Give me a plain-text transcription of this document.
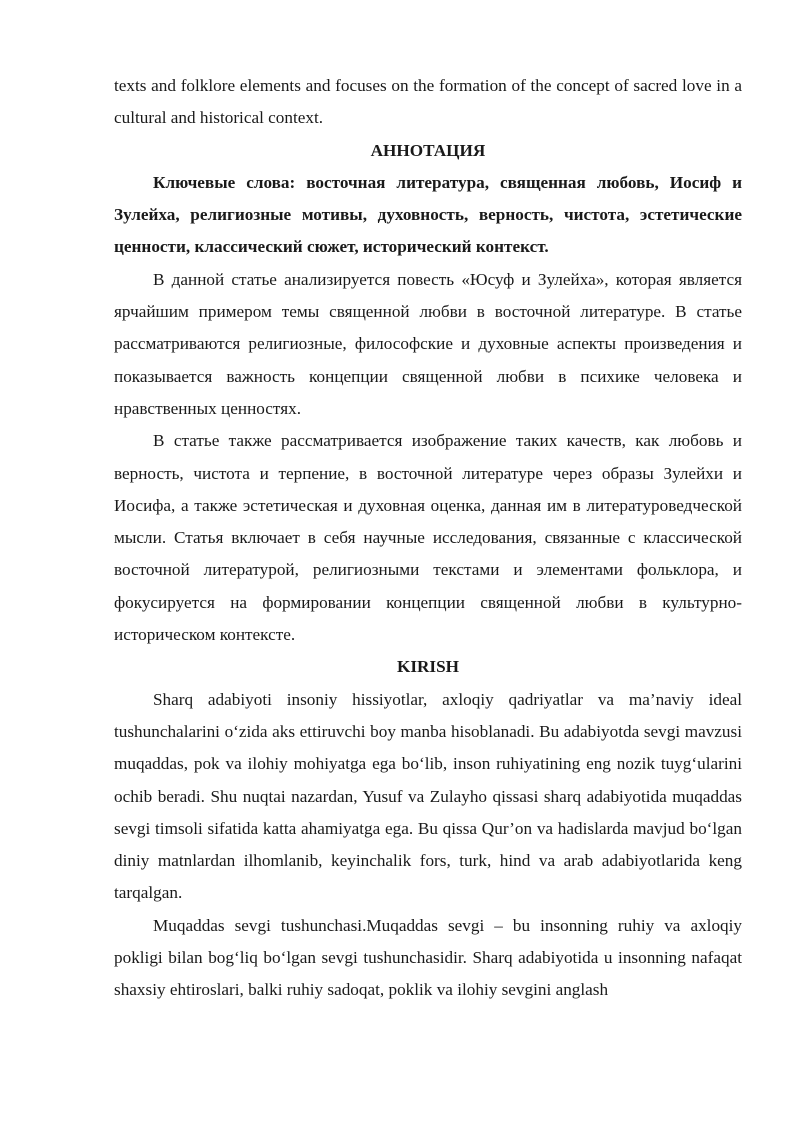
texts and folklore elements and focuses on the formation of the concept of sacred love in a cultural and historical context.

АННОТАЦИЯ

Ключевые слова: восточная литература, священная любовь, Иосиф и Зулейха, религиозные мотивы, духовность, верность, чистота, эстетические ценности, классический сюжет, исторический контекст.

В данной статье анализируется повесть «Юсуф и Зулейха», которая является ярчайшим примером темы священной любви в восточной литературе. В статье рассматриваются религиозные, философские и духовные аспекты произведения и показывается важность концепции священной любви в психике человека и нравственных ценностях.

В статье также рассматривается изображение таких качеств, как любовь и верность, чистота и терпение, в восточной литературе через образы Зулейхи и Иосифа, а также эстетическая и духовная оценка, данная им в литературоведческой мысли. Статья включает в себя научные исследования, связанные с классической восточной литературой, религиозными текстами и элементами фольклора, и фокусируется на формировании концепции священной любви в культурно-историческом контексте.

KIRISH

Sharq adabiyoti insoniy hissiyotlar, axloqiy qadriyatlar va ma’naviy ideal tushunchalarini o‘zida aks ettiruvchi boy manba hisoblanadi. Bu adabiyotda sevgi mavzusi muqaddas, pok va ilohiy mohiyatga ega bo‘lib, inson ruhiyatining eng nozik tuyg‘ularini ochib beradi. Shu nuqtai nazardan, Yusuf va Zulayho qissasi sharq adabiyotida muqaddas sevgi timsoli sifatida katta ahamiyatga ega. Bu qissa Qur’on va hadislarda mavjud bo‘lgan diniy matnlardan ilhomlanib, keyinchalik fors, turk, hind va arab adabiyotlarida keng tarqalgan.

Muqaddas sevgi tushunchasi.Muqaddas sevgi – bu insonning ruhiy va axloqiy pokligi bilan bog‘liq bo‘lgan sevgi tushunchasidir. Sharq adabiyotida u insonning nafaqat shaxsiy ehtiroslari, balki ruhiy sadoqat, poklik va ilohiy sevgini anglash
